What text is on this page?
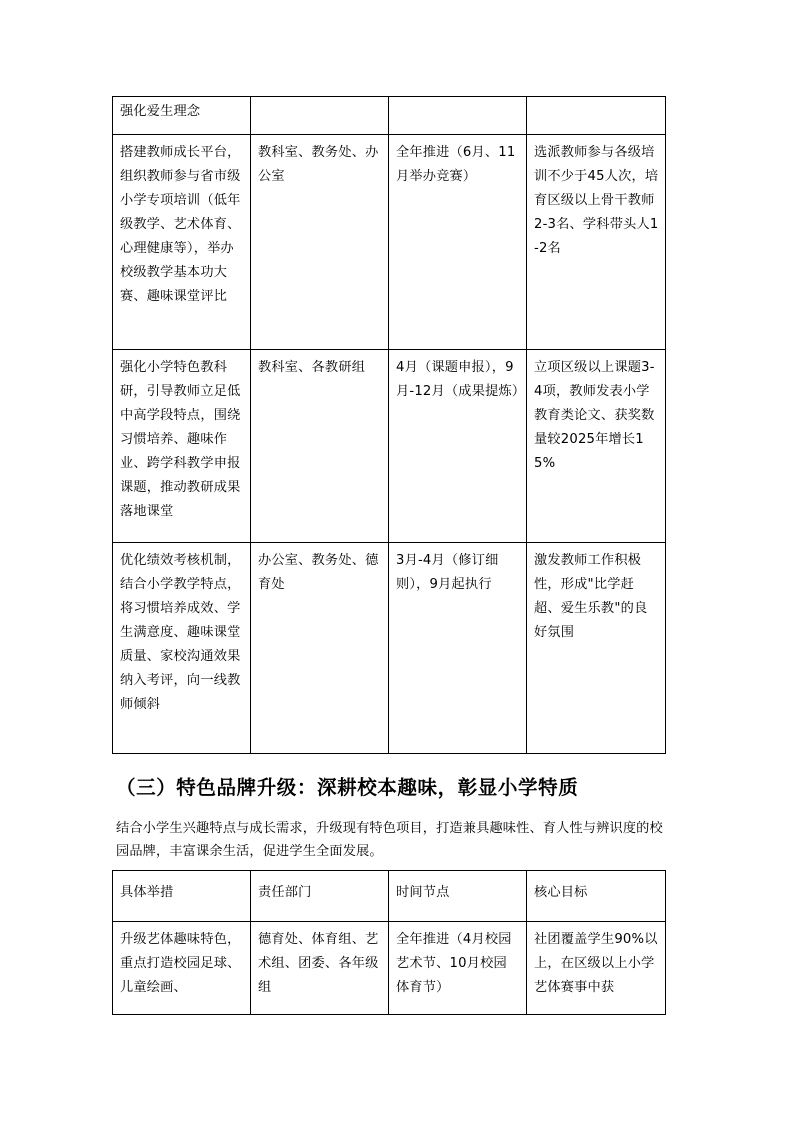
强化爱生理念			
搭建教师成长平台，组织教师参与省市级小学专项培训（低年级教学、艺术体育、心理健康等），举办校级教学基本功大赛、趣味课堂评比	教科室、教务处、办公室	全年推进（6月、11月举办竞赛）	选派教师参与各级培训不少于45人次，培育区级以上骨干教师2-3名、学科带头人1-2名
强化小学特色教科研，引导教师立足低中高学段特点，围绕习惯培养、趣味作业、跨学科教学申报课题，推动教研成果落地课堂	教科室、各教研组	4月（课题申报），9月-12月（成果提炼）	立项区级以上课题3-4项，教师发表小学教育类论文、获奖数量较2025年增长15%
优化绩效考核机制，结合小学教学特点，将习惯培养成效、学生满意度、趣味课堂质量、家校沟通效果纳入考评，向一线教师倾斜	办公室、教务处、德育处	3月-4月（修订细则），9月起执行	激发教师工作积极性，形成"比学赶超、爱生乐教"的良好氛围
（三）特色品牌升级：深耕校本趣味，彰显小学特质
结合小学生兴趣特点与成长需求，升级现有特色项目，打造兼具趣味性、育人性与辨识度的校园品牌，丰富课余生活，促进学生全面发展。
具体举措	责任部门	时间节点	核心目标
升级艺体趣味特色，重点打造校园足球、儿童绘画、	德育处、体育组、艺术组、团委、各年级组	全年推进（4月校园艺术节、10月校园体育节）	社团覆盖学生90%以上，在区级以上小学艺体赛事中获
